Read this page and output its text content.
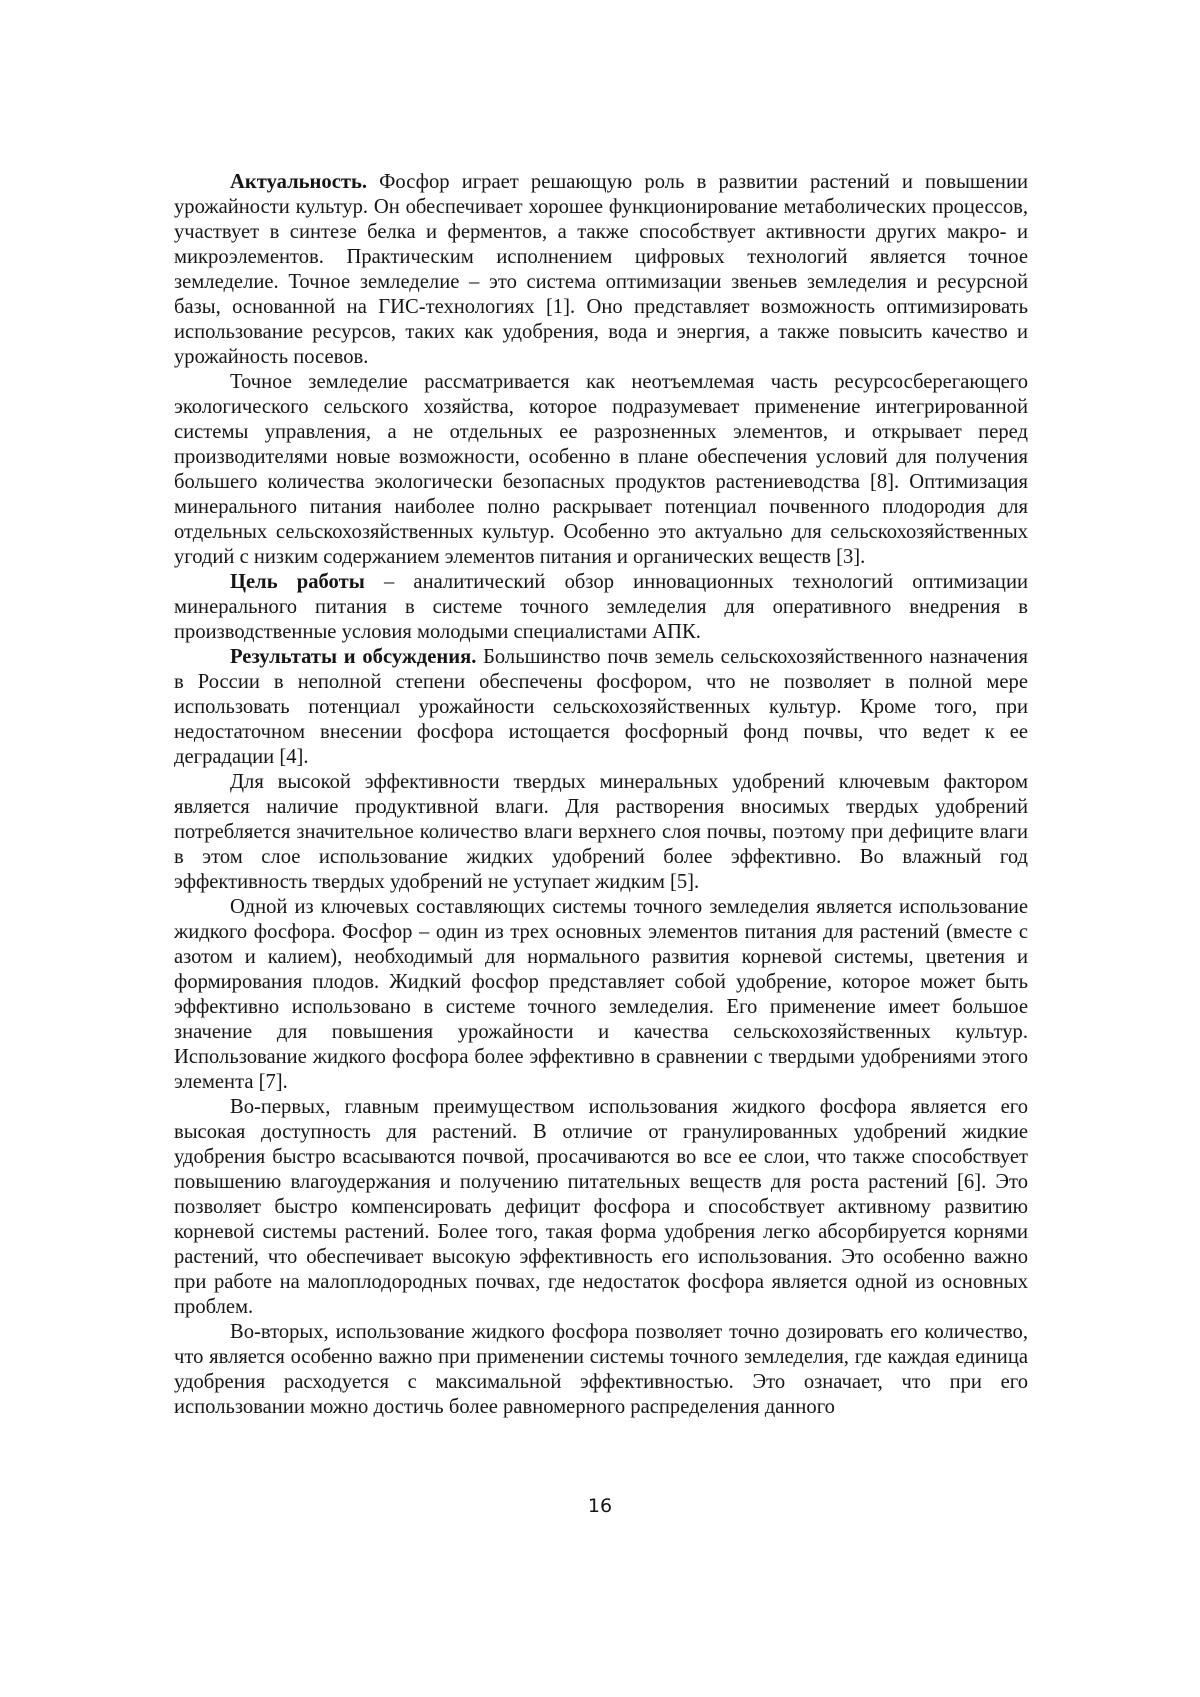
Актуальность. Фосфор играет решающую роль в развитии растений и повышении урожайности культур. Он обеспечивает хорошее функционирование метаболических процессов, участвует в синтезе белка и ферментов, а также способствует активности других макро- и микроэлементов. Практическим исполнением цифровых технологий является точное земледелие. Точное земледелие – это система оптимизации звеньев земледелия и ресурсной базы, основанной на ГИС-технологиях [1]. Оно представляет возможность оптимизировать использование ресурсов, таких как удобрения, вода и энергия, а также повысить качество и урожайность посевов.

Точное земледелие рассматривается как неотъемлемая часть ресурсосберегающего экологического сельского хозяйства, которое подразумевает применение интегрированной системы управления, а не отдельных ее разрозненных элементов, и открывает перед производителями новые возможности, особенно в плане обеспечения условий для получения большего количества экологически безопасных продуктов растениеводства [8]. Оптимизация минерального питания наиболее полно раскрывает потенциал почвенного плодородия для отдельных сельскохозяйственных культур. Особенно это актуально для сельскохозяйственных угодий с низким содержанием элементов питания и органических веществ [3].

Цель работы – аналитический обзор инновационных технологий оптимизации минерального питания в системе точного земледелия для оперативного внедрения в производственные условия молодыми специалистами АПК.

Результаты и обсуждения. Большинство почв земель сельскохозяйственного назначения в России в неполной степени обеспечены фосфором, что не позволяет в полной мере использовать потенциал урожайности сельскохозяйственных культур. Кроме того, при недостаточном внесении фосфора истощается фосфорный фонд почвы, что ведет к ее деградации [4].

Для высокой эффективности твердых минеральных удобрений ключевым фактором является наличие продуктивной влаги. Для растворения вносимых твердых удобрений потребляется значительное количество влаги верхнего слоя почвы, поэтому при дефиците влаги в этом слое использование жидких удобрений более эффективно. Во влажный год эффективность твердых удобрений не уступает жидким [5].

Одной из ключевых составляющих системы точного земледелия является использование жидкого фосфора. Фосфор – один из трех основных элементов питания для растений (вместе с азотом и калием), необходимый для нормального развития корневой системы, цветения и формирования плодов. Жидкий фосфор представляет собой удобрение, которое может быть эффективно использовано в системе точного земледелия. Его применение имеет большое значение для повышения урожайности и качества сельскохозяйственных культур. Использование жидкого фосфора более эффективно в сравнении с твердыми удобрениями этого элемента [7].

Во-первых, главным преимуществом использования жидкого фосфора является его высокая доступность для растений. В отличие от гранулированных удобрений жидкие удобрения быстро всасываются почвой, просачиваются во все ее слои, что также способствует повышению влагоудержания и получению питательных веществ для роста растений [6]. Это позволяет быстро компенсировать дефицит фосфора и способствует активному развитию корневой системы растений. Более того, такая форма удобрения легко абсорбируется корнями растений, что обеспечивает высокую эффективность его использования. Это особенно важно при работе на малоплодородных почвах, где недостаток фосфора является одной из основных проблем.

Во-вторых, использование жидкого фосфора позволяет точно дозировать его количество, что является особенно важно при применении системы точного земледелия, где каждая единица удобрения расходуется с максимальной эффективностью. Это означает, что при его использовании можно достичь более равномерного распределения данного

16
